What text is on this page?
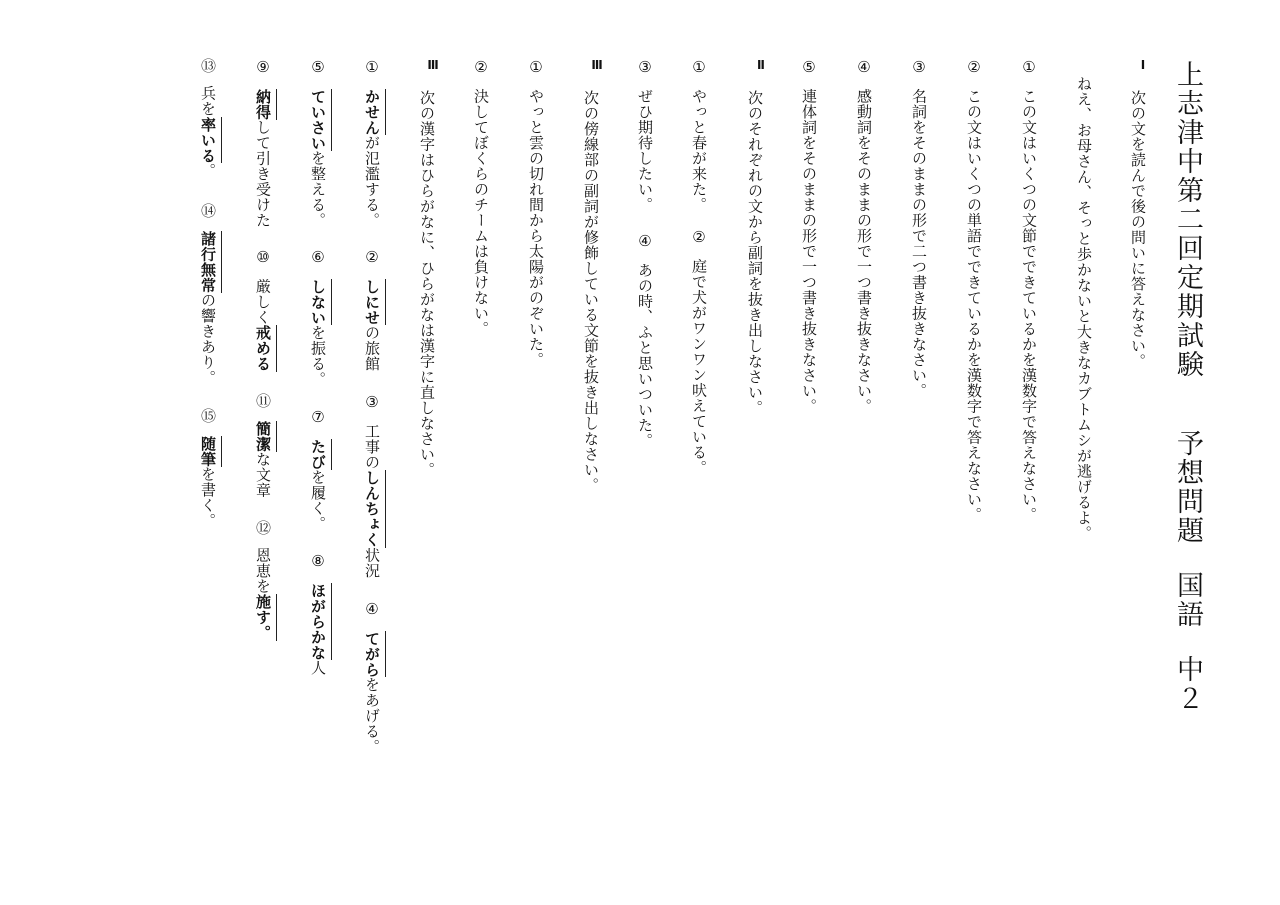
上志津中第二回定期試験予想問題国語中２
Ⅰ
次の文を読んで後の問いに答えなさい。
ねえ、お母さん、そっと歩かないと大きなカブトムシが逃げるよ。
①この文はいくつの文節でできているかを漢数字で答えなさい。
②この文はいくつの単語でできているかを漢数字で答えなさい。
③名詞をそのままの形で二つ書き抜きなさい。
④感動詞をそのままの形で一つ書き抜きなさい。
⑤連体詞をそのままの形で一つ書き抜きなさい。
Ⅱ
次のそれぞれの文から副詞を抜き出しなさい。
①やっと春が来た。
②庭で犬がワンワン吠えている。
③ぜひ期待したい。
④あの時、ふと思いついた。
Ⅲ
次の傍線部の副詞が修飾している文節を抜き出しなさい。
①やっと雲の切れ間から太陽がのぞいた。
②決してぼくらのチームは負けない。
Ⅲ
次の漢字はひらがなに、ひらがなは漢字に直しなさい。
①かせんが氾濫する。
②しにせの旅館
③工事のしんちょく状況
④てがらをあげる。
⑤ていさいを整える。
⑥しないを振る。
⑦たびを履く。
⑧ほがらかな人
⑨納得して引き受けた
⑩厳しく戒める
⑪簡潔な文章
⑫恩恵を施す。
⑬兵を率いる。
⑭諸行無常の響きあり。
⑮随筆を書く。
